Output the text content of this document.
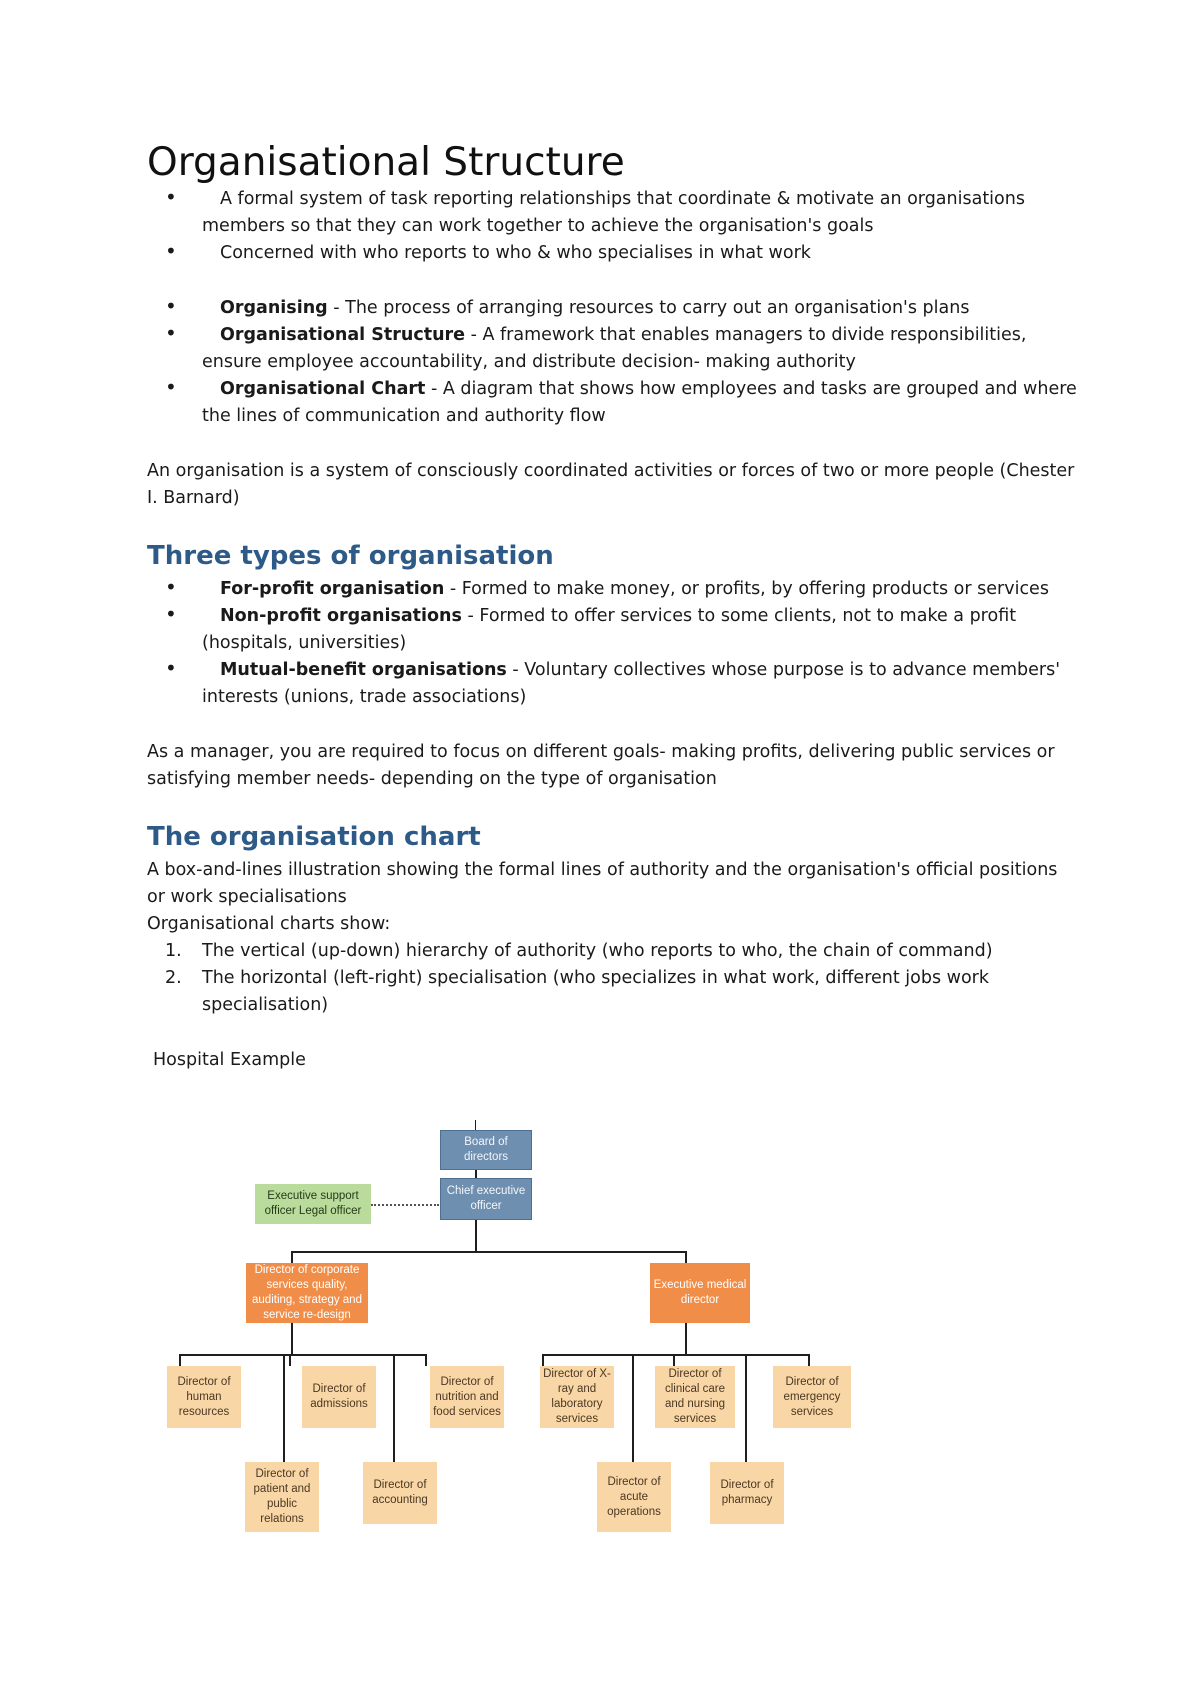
Organisational Structure
• A formal system of task reporting relationships that coordinate & motivate an organisations members so that they can work together to achieve the organisation's goals
• Concerned with who reports to who & who specialises in what work
• Organising - The process of arranging resources to carry out an organisation's plans
• Organisational Structure - A framework that enables managers to divide responsibilities, ensure employee accountability, and distribute decision- making authority
• Organisational Chart - A diagram that shows how employees and tasks are grouped and where the lines of communication and authority flow

An organisation is a system of consciously coordinated activities or forces of two or more people (Chester I. Barnard)

Three types of organisation
• For-profit organisation - Formed to make money, or profits, by offering products or services
• Non-profit organisations - Formed to offer services to some clients, not to make a profit (hospitals, universities)
• Mutual-benefit organisations - Voluntary collectives whose purpose is to advance members' interests (unions, trade associations)

As a manager, you are required to focus on different goals- making profits, delivering public services or satisfying member needs- depending on the type of organisation

The organisation chart

A box-and-lines illustration showing the formal lines of authority and the organisation's official positions or work specialisations

Organisational charts show:

1. The vertical (up-down) hierarchy of authority (who reports to who, the chain of command)
2. The horizontal (left-right) specialisation (who specializes in what work, different jobs work specialisation)

Hospital Example

Board of directors
Chief executive officer
Executive support officer Legal officer
Director of corporate services quality, auditing, strategy and service re-design
Executive medical director
Director of human resources
Director of admissions
Director of nutrition and food services
Director of patient and public relations
Director of accounting
Director of X-ray and laboratory services
Director of clinical care and nursing services
Director of emergency services
Director of acute operations
Director of pharmacy
